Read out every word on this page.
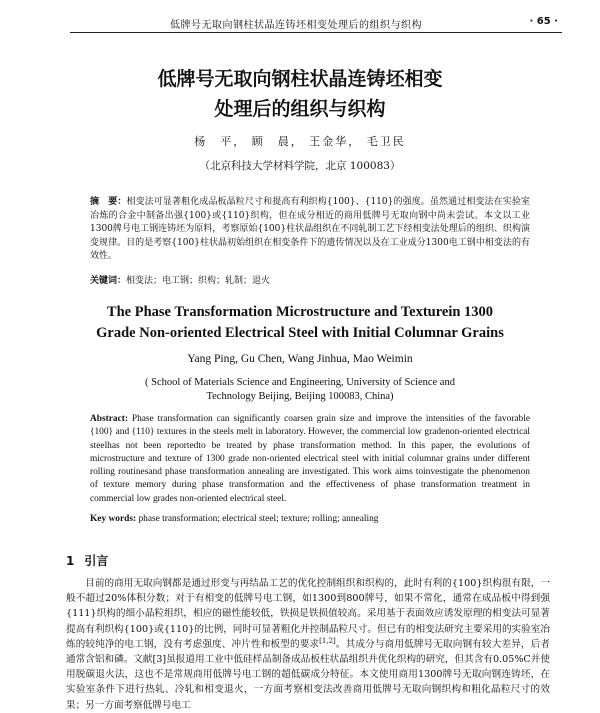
低牌号无取向钢柱状晶连铸坯相变处理后的组织与织构	· 65 ·
低牌号无取向钢柱状晶连铸坯相变
处理后的组织与织构
杨　平， 顾　晨， 王金华， 毛卫民
（北京科技大学材料学院，北京 100083）
摘　要：相变法可显著粗化成品板晶粒尺寸和提高有利织构{100}、{110}的强度。虽然通过相变法在实验室冶炼的合金中制备出强{100}或{110}织构，但在成分相近的商用低牌号无取向钢中尚未尝试。本文以工业1300牌号电工钢连铸坯为原料，考察原始{100}柱状晶组织在不同轧制工艺下经相变法处理后的组织、织构演变规律。目的是考察{100}柱状晶初始组织在相变条件下的遗传情况以及在工业成分1300电工钢中相变法的有效性。
关键词：相变法；电工钢；织构；轧制；退火
The Phase Transformation Microstructure and Texturein 1300
Grade Non-oriented Electrical Steel with Initial Columnar Grains
Yang Ping, Gu Chen, Wang Jinhua, Mao Weimin
( School of Materials Science and Engineering, University of Science and
Technology Beijing, Beijing 100083, China)
Abstract: Phase transformation can significantly coarsen grain size and improve the intensities of the favorable {100} and {110} textures in the steels melt in laboratory. However, the commercial low gradenon-oriented electrical steelhas not been reportedto be treated by phase transformation method. In this paper, the evolutions of microstructure and texture of 1300 grade non-oriented electrical steel with initial columnar grains under different rolling routinesand phase transformation annealing are investigated. This work aims toinvestigate the phenomenon of texture memory during phase transformation and the effectiveness of phase transformation treatment in commercial low grades non-oriented electrical steel.
Key words: phase transformation; electrical steel; texture; rolling; annealing
1 引言
目前的商用无取向钢都是通过形变与再结晶工艺的优化控制组织和织构的，此时有利的{100}织构很有限，一般不超过20%体积分数；对于有相变的低牌号电工钢，如1300到800牌号，如果不常化，通常在成品板中得到强{111}织构的细小晶粒组织，相应的磁性能较低，铁损是铁损值较高。采用基于表面效应诱发原理的相变法可显著提高有利织构{100}或{110}的比例，同时可显著粗化并控制晶粒尺寸。但已有的相变法研究主要采用的实验室冶炼的较纯净的电工钢，没有考虑强度、冲片性和板型的要求[1,2]。其成分与商用低牌号无取向钢有较大差异，后者通常含铝和磷。文献[3]虽报道用工业中低硅样品制备成品板柱状晶组织并优化织构的研究，但其含有0.05%C并使用脱碳退火法，这也不是常规商用低牌号电工钢的超低碳成分特征。本文使用商用1300牌号无取向钢连铸坯，在实验室条件下进行热轧、冷轧和相变退火，一方面考察相变法改善商用低牌号无取向钢织构和粗化晶粒尺寸的效果；另一方面考察低牌号电工
